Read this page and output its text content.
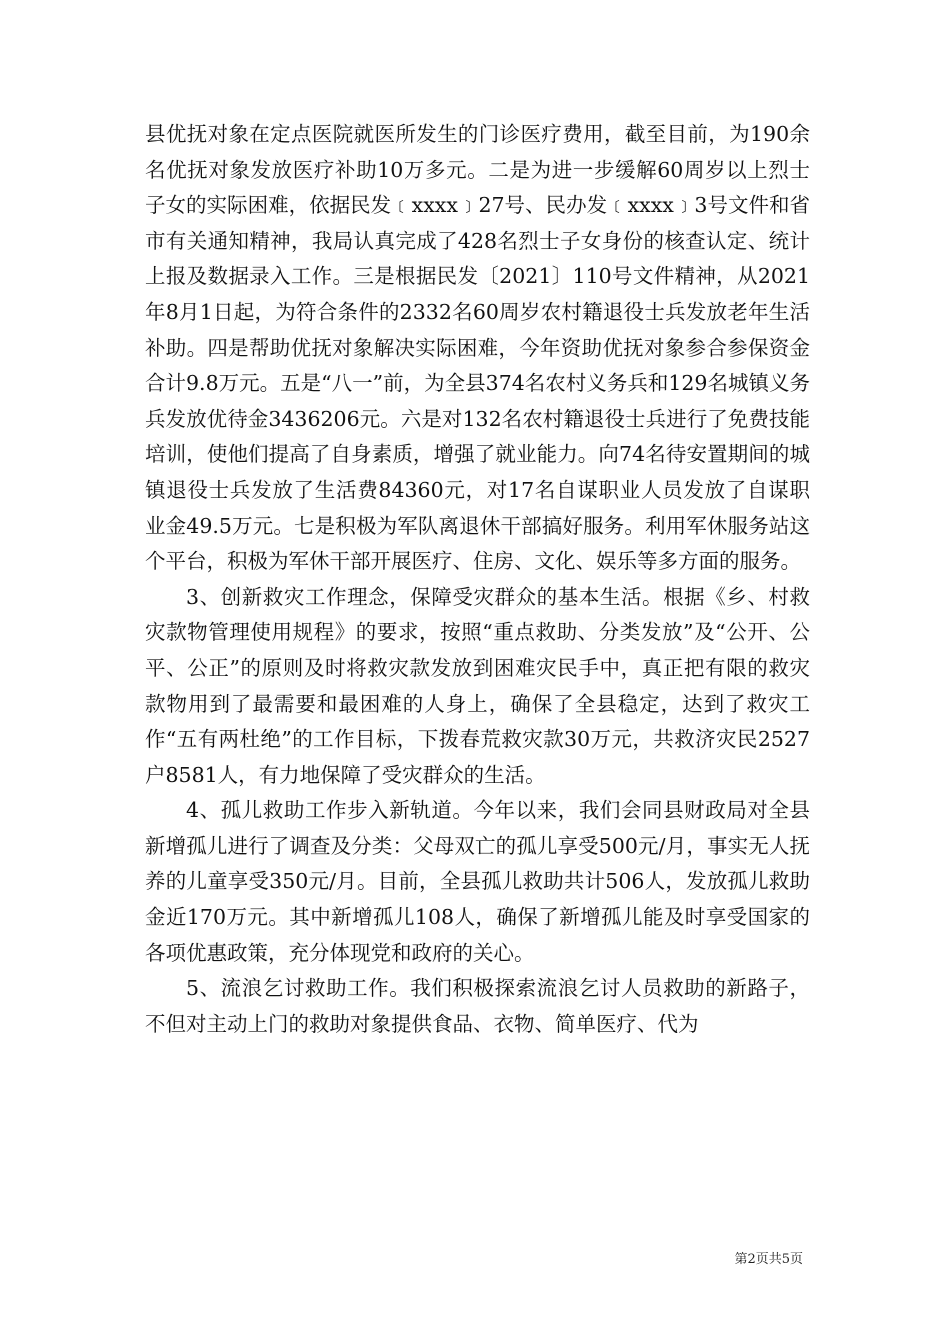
县优抚对象在定点医院就医所发生的门诊医疗费用，截至目前，为190余名优抚对象发放医疗补助10万多元。二是为进一步缓解60周岁以上烈士子女的实际困难，依据民发﹝xxxx﹞27号、民办发﹝xxxx﹞3号文件和省市有关通知精神，我局认真完成了428名烈士子女身份的核查认定、统计上报及数据录入工作。三是根据民发〔2021〕110号文件精神，从2021年8月1日起，为符合条件的2332名60周岁农村籍退役士兵发放老年生活补助。四是帮助优抚对象解决实际困难，今年资助优抚对象参合参保资金合计9.8万元。五是“八一”前，为全县374名农村义务兵和129名城镇义务兵发放优待金3436206元。六是对132名农村籍退役士兵进行了免费技能培训，使他们提高了自身素质，增强了就业能力。向74名待安置期间的城镇退役士兵发放了生活费84360元，对17名自谋职业人员发放了自谋职业金49.5万元。七是积极为军队离退休干部搞好服务。利用军休服务站这个平台，积极为军休干部开展医疗、住房、文化、娱乐等多方面的服务。

3、创新救灾工作理念，保障受灾群众的基本生活。根据《乡、村救灾款物管理使用规程》的要求，按照“重点救助、分类发放”及“公开、公平、公正”的原则及时将救灾款发放到困难灾民手中，真正把有限的救灾款物用到了最需要和最困难的人身上，确保了全县稳定，达到了救灾工作“五有两杜绝”的工作目标，下拨春荒救灾款30万元，共救济灾民2527户8581人，有力地保障了受灾群众的生活。

4、孤儿救助工作步入新轨道。今年以来，我们会同县财政局对全县新增孤儿进行了调查及分类：父母双亡的孤儿享受500元/月，事实无人抚养的儿童享受350元/月。目前，全县孤儿救助共计506人，发放孤儿救助金近170万元。其中新增孤儿108人，确保了新增孤儿能及时享受国家的各项优惠政策，充分体现党和政府的关心。

5、流浪乞讨救助工作。我们积极探索流浪乞讨人员救助的新路子，不但对主动上门的救助对象提供食品、衣物、简单医疗、代为

第2页共5页
